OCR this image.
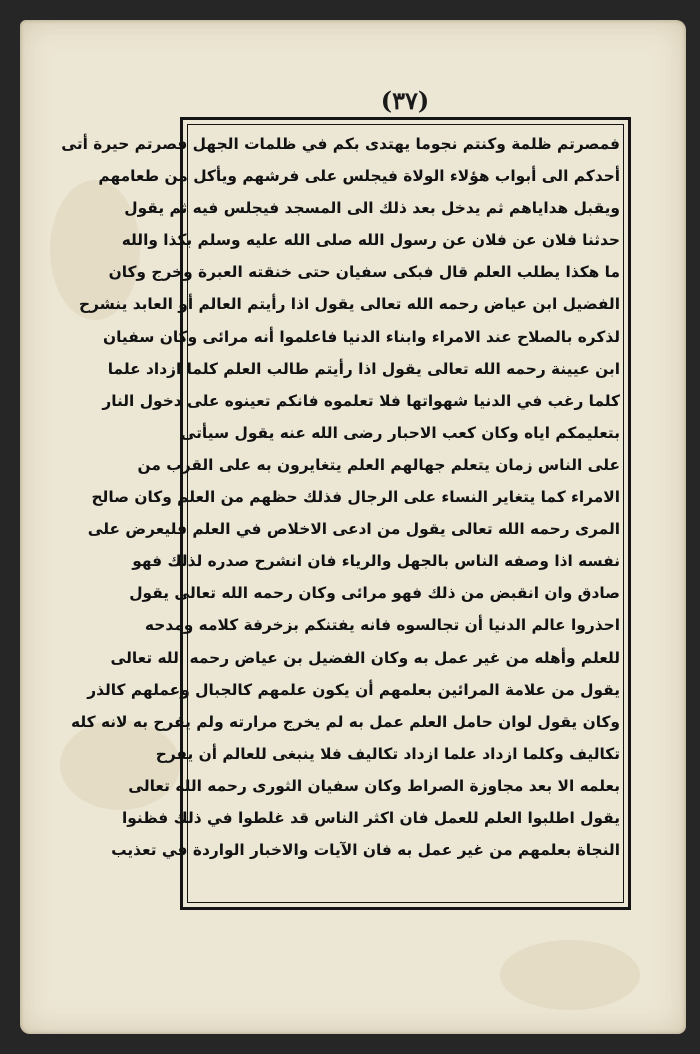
(٣٧)
فمصرتم ظلمة وكنتم نجوما يهتدى بكم في ظلمات الجهل فصرتم حيرة أتى
أحدكم الى أبواب هؤلاء الولاة فيجلس على فرشهم ويأكل من طعامهم
ويقبل هداياهم ثم يدخل بعد ذلك الى المسجد فيجلس فيه ثم يقول
حدثنا فلان عن فلان عن رسول الله صلى الله عليه وسلم بكذا والله
ما هكذا يطلب العلم قال فبكى سفيان حتى خنقته العبرة وخرج وكان
الفضيل ابن عياض رحمه الله تعالى يقول اذا رأيتم العالم أو العابد ينشرح
لذكره بالصلاح عند الامراء وابناء الدنيا فاعلموا أنه مرائى وكان سفيان
ابن عيينة رحمه الله تعالى يقول اذا رأيتم طالب العلم كلما ازداد علما
كلما رغب في الدنيا شهواتها فلا تعلموه فانكم تعينوه على دخول النار
بتعليمكم اياه وكان كعب الاحبار رضى الله عنه يقول سيأتى
على الناس زمان يتعلم جهالهم العلم يتغايرون به على القرب من
الامراء كما يتغاير النساء على الرجال فذلك حظهم من العلم وكان صالح
المرى رحمه الله تعالى يقول من ادعى الاخلاص في العلم فليعرض على
نفسه اذا وصفه الناس بالجهل والرياء فان انشرح صدره لذلك فهو
صادق وان انقبض من ذلك فهو مرائى وكان رحمه الله تعالى يقول
احذروا عالم الدنيا أن تجالسوه فانه يفتنكم بزخرفة كلامه ومدحه
للعلم وأهله من غير عمل به وكان الفضيل بن عياض رحمه الله تعالى
يقول من علامة المرائين بعلمهم أن يكون علمهم كالجبال وعملهم كالذر
وكان يقول لوان حامل العلم عمل به لم يخرج مرارته ولم يفرح به لانه كله
تكاليف وكلما ازداد علما ازداد تكاليف فلا ينبغى للعالم أن يفرح
بعلمه الا بعد مجاوزة الصراط وكان سفيان الثورى رحمه الله تعالى
يقول اطلبوا العلم للعمل فان اكثر الناس قد غلطوا في ذلك فظنوا
النجاة بعلمهم من غير عمل به فان الآيات والاخبار الواردة في تعذيب
